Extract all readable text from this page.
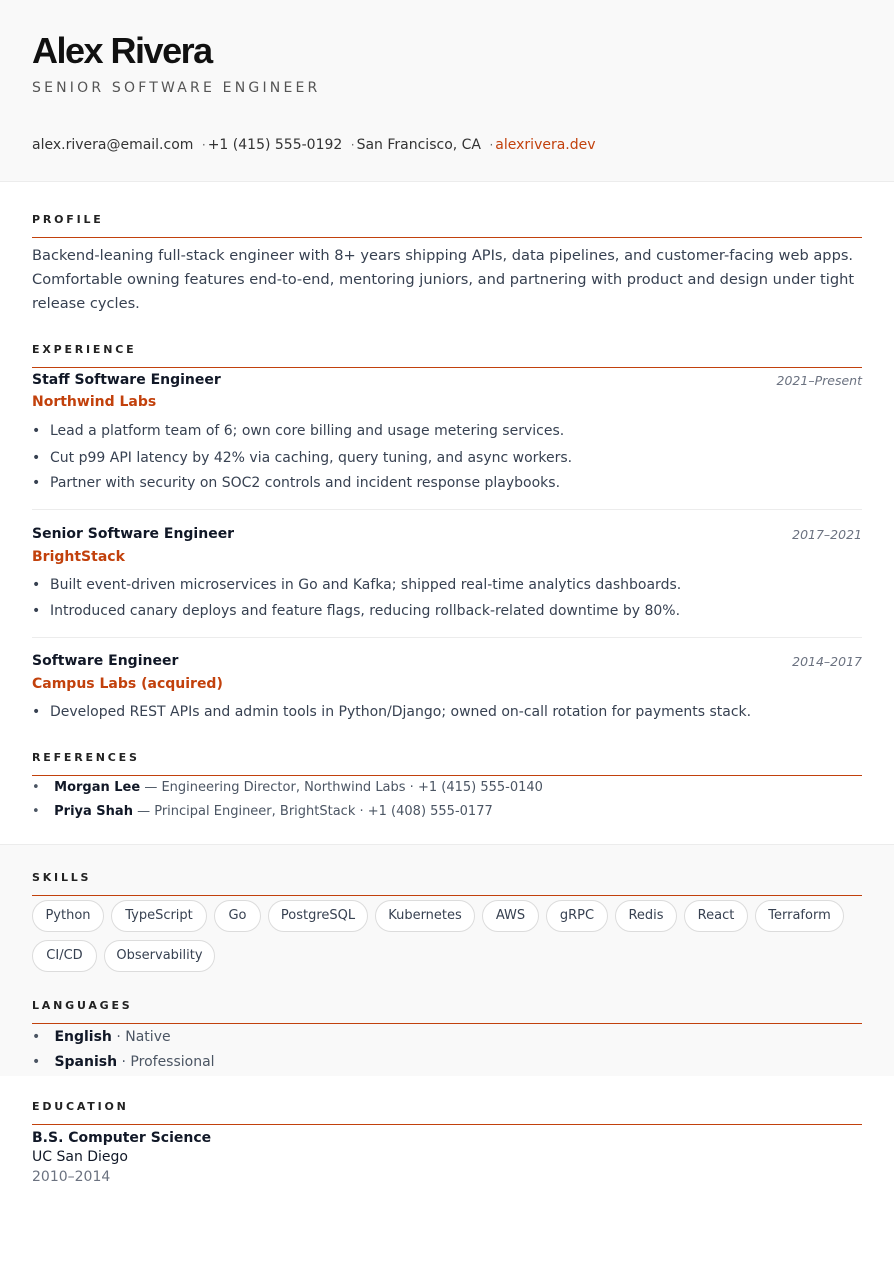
Alex Rivera
SENIOR SOFTWARE ENGINEER
alex.rivera@email.com · +1 (415) 555-0192 · San Francisco, CA · alexrivera.dev
PROFILE
Backend-leaning full-stack engineer with 8+ years shipping APIs, data pipelines, and customer-facing web apps. Comfortable owning features end-to-end, mentoring juniors, and partnering with product and design under tight release cycles.
EXPERIENCE
Staff Software Engineer	2021–Present
Northwind Labs
• Lead a platform team of 6; own core billing and usage metering services.
• Cut p99 API latency by 42% via caching, query tuning, and async workers.
• Partner with security on SOC2 controls and incident response playbooks.
Senior Software Engineer	2017–2021
BrightStack
• Built event-driven microservices in Go and Kafka; shipped real-time analytics dashboards.
• Introduced canary deploys and feature flags, reducing rollback-related downtime by 80%.
Software Engineer	2014–2017
Campus Labs (acquired)
• Developed REST APIs and admin tools in Python/Django; owned on-call rotation for payments stack.
REFERENCES
• Morgan Lee — Engineering Director, Northwind Labs · +1 (415) 555-0140
• Priya Shah — Principal Engineer, BrightStack · +1 (408) 555-0177
SKILLS
Python	TypeScript	Go	PostgreSQL	Kubernetes	AWS	gRPC	Redis	React	Terraform
CI/CD	Observability
LANGUAGES
• English · Native
• Spanish · Professional
EDUCATION
B.S. Computer Science
UC San Diego
2010–2014
